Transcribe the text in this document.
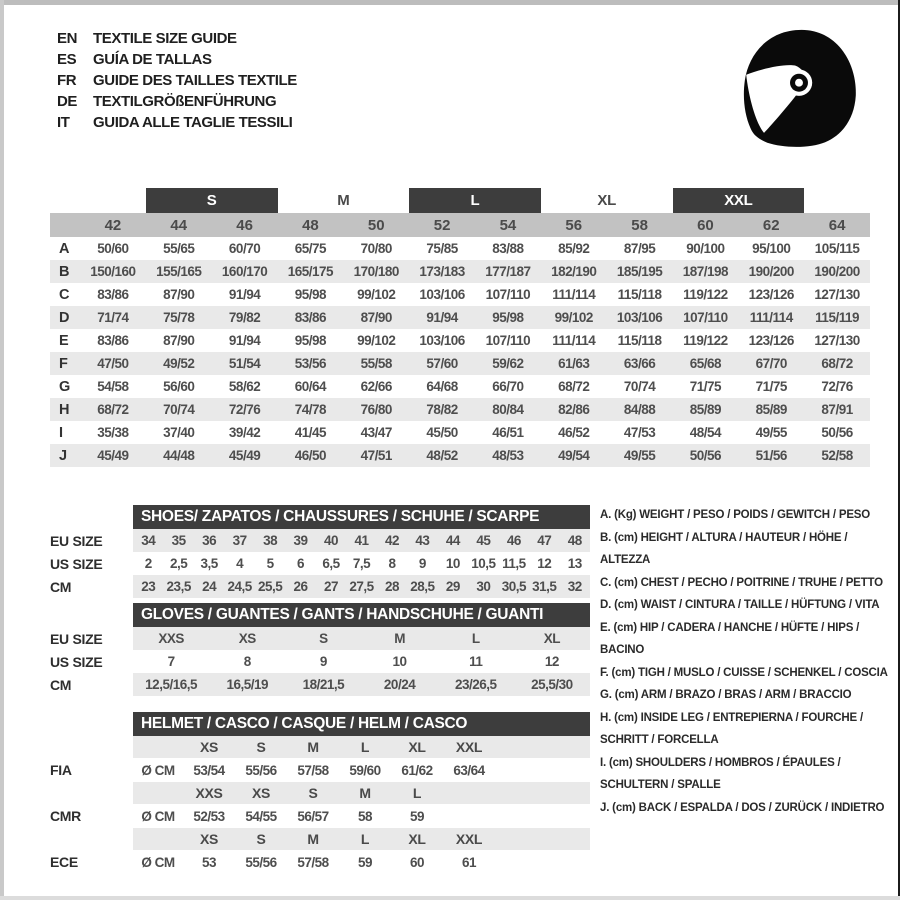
EN	TEXTILE SIZE GUIDE
ES	GUÍA DE TALLAS
FR	GUIDE DES TAILLES TEXTILE
DE	TEXTILGRÖßENFÜHRUNG
IT	GUIDA ALLE TAGLIE TESSILI
S	M	L	XL	XXL
42	44	46	48	50	52	54	56	58	60	62	64
A	50/60	55/65	60/70	65/75	70/80	75/85	83/88	85/92	87/95 90/100 95/100 105/115
B	150/160 155/165 160/170 165/175 170/180 173/183 177/187 182/190 185/195 187/198 190/200 190/200
C	83/86	87/90	91/94	95/98 99/102 103/106 107/110 111/114 115/118 119/122 123/126 127/130
D	71/74	75/78	79/82	83/86	87/90	91/94	95/98 99/102 103/106 107/110 111/114 115/119
E	83/86	87/90	91/94	95/98 99/102 103/106 107/110 111/114 115/118 119/122 123/126 127/130
F	47/50	49/52	51/54	53/56	55/58	57/60	59/62	61/63	63/66	65/68	67/70	68/72
G	54/58	56/60	58/62	60/64	62/66	64/68	66/70	68/72	70/74	71/75	71/75	72/76
H	68/72	70/74	72/76	74/78	76/80	78/82	80/84	82/86	84/88	85/89	85/89	87/91
I	35/38	37/40	39/42	41/45	43/47	45/50	46/51	46/52	47/53	48/54	49/55	50/56
J	45/49	44/48	45/49	46/50	47/51	48/52	48/53	49/54	49/55	50/56	51/56	52/58
SHOES/ ZAPATOS / CHAUSSURES / SCHUHE / SCARPE
EU SIZE	34 35 36 37 38 39 40 41 42 43 44 45 46 47 48
US SIZE	2 2,5 3,5 4 5 6 6,5 7,5 8 9 10 10,5 11,5 12 13
CM	23 23,5 24 24,5 25,5 26 27 27,5 28 28,5 29 30 30,5 31,5 32
GLOVES / GUANTES / GANTS / HANDSCHUHE / GUANTI
EU SIZE	XXS	XS	S	M	L	XL
US SIZE	7	8	9	10	11	12
CM	12,5/16,5 16,5/19	18/21,5	20/24	23/26,5	25,5/30
HELMET / CASCO / CASQUE / HELM / CASCO
XS	S	M	L	XL XXL
FIA	Ø CM 53/54 55/56 57/58 59/60 61/62 63/64
XXS XS	S	M	L
CMR	Ø CM 52/53 54/55 56/57 58	59
XS	S	M	L	XL XXL
ECE	Ø CM 53 55/56 57/58 59	60	61
A. (Kg) WEIGHT / PESO / POIDS / GEWITCH / PESO
B. (cm) HEIGHT / ALTURA / HAUTEUR / HÖHE / ALTEZZA
C. (cm) CHEST / PECHO / POITRINE / TRUHE / PETTO
D. (cm) WAIST / CINTURA / TAILLE / HÜFTUNG / VITA
E. (cm) HIP / CADERA / HANCHE / HÜFTE / HIPS / BACINO
F. (cm) TIGH / MUSLO / CUISSE / SCHENKEL / COSCIA
G. (cm) ARM / BRAZO / BRAS / ARM / BRACCIO
H. (cm) INSIDE LEG / ENTREPIERNA / FOURCHE / SCHRITT / FORCELLA
I. (cm) SHOULDERS / HOMBROS / ÉPAULES / SCHULTERN / SPALLE
J. (cm) BACK / ESPALDA / DOS / ZURÜCK / INDIETRO
